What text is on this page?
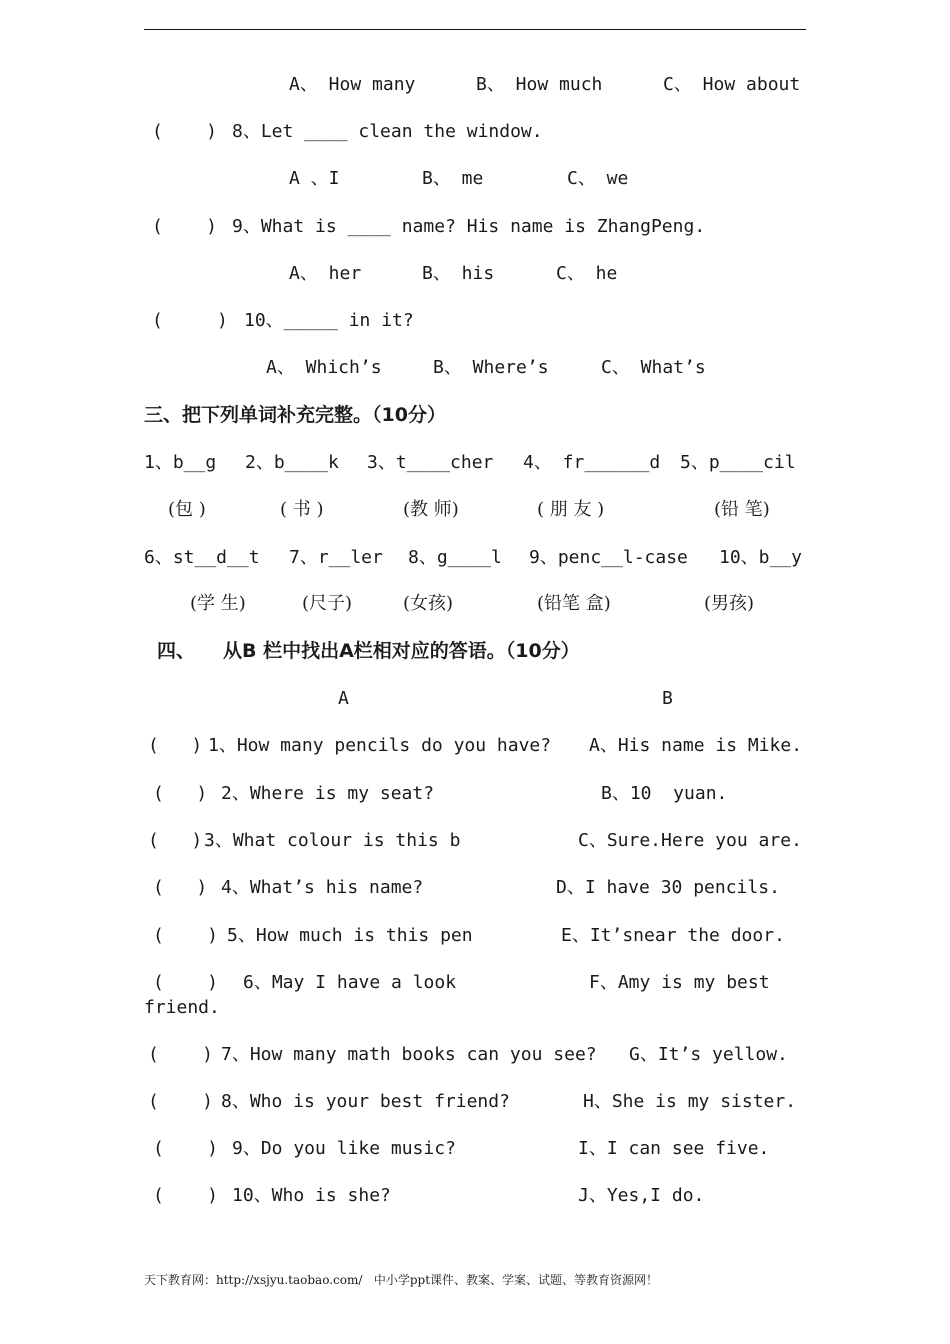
A、 How many	B、 How much	C、 How about
(    ) 8、Let ____ clean the window.
A 、I	B、 me	C、 we
(    ) 9、What is ____ name? His name is ZhangPeng.
A、 her	B、 his	C、 he
(     ) 10、_____ in it?
A、 Which’s	B、 Where’s	C、 What’s
三、把下列单词补充完整。（10分）
1、b__g 2、b____k 3、t____cher 4、 fr______d 5、p____cil
(包 )	( 书 )	(教 师)	( 朋 友 )	(铅 笔)
6、st__d__t 7、r__ler 8、g____l 9、penc__l-case 10、b__y
(学 生)	(尺子)	(女孩)	(铅笔 盒)	(男孩)
四、 从B 栏中找出A栏相对应的答语。（10分）
A	B
(   ) 1、How many pencils do you have? A、His name is Mike.
(   ) 2、Where is my seat?	B、10  yuan.
(   ) 3、What colour is this b	C、Sure.Here you are.
(   ) 4、What’s his name?	D、I have 30 pencils.
(    ) 5、How much is this pen	E、It’snear the door.
(    ) 6、May I have a look	F、Amy is my best
friend.
(    ) 7、How many math books can you see? G、It’s yellow.
(    ) 8、Who is your best friend?	H、She is my sister.
(    ) 9、Do you like music?	I、I can see five.
(    ) 10、Who is she?	J、Yes,I do.
天下教育网：http://xsjyu.taobao.com/   中小学ppt课件、教案、学案、试题、等教育资源网！
